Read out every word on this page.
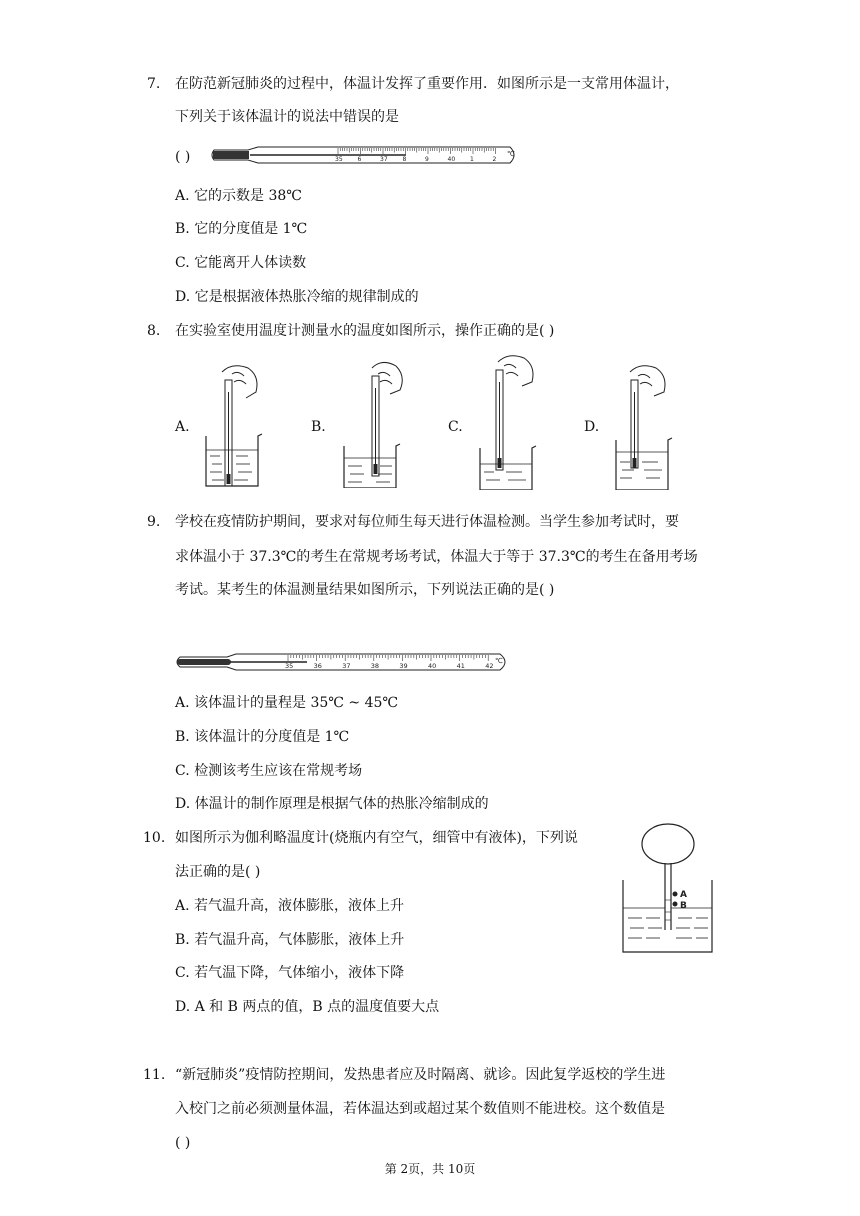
7. 在防范新冠肺炎的过程中，体温计发挥了重要作用．如图所示是一支常用体温计，
下列关于该体温计的说法中错误的是
( )	35 6	37 8	9	40 1	2
℃
A. 它的示数是 38℃
B. 它的分度值是 1℃
C. 它能离开人体读数
D. 它是根据液体热胀冷缩的规律制成的
8. 在实验室使用温度计测量水的温度如图所示，操作正确的是( )
A.	B.	C.	D.
9. 学校在疫情防护期间，要求对每位师生每天进行体温检测。当学生参加考试时，要
求体温小于 37.3℃的考生在常规考场考试，体温大于等于 37.3℃的考生在备用考场
考试。某考生的体温测量结果如图所示，下列说法正确的是( )
35	36	37	38	39	40	41	42
℃
A. 该体温计的量程是 35℃ ~ 45℃
B. 该体温计的分度值是 1℃
C. 检测该考生应该在常规考场
D. 体温计的制作原理是根据气体的热胀冷缩制成的
10. 如图所示为伽利略温度计(烧瓶内有空气，细管中有液体)，下列说
法正确的是( )
A. 若气温升高，液体膨胀，液体上升
B. 若气温升高，气体膨胀，液体上升
C. 若气温下降，气体缩小，液体下降
D. A 和 B 两点的值，B 点的温度值要大点
A
B
11. “新冠肺炎”疫情防控期间，发热患者应及时隔离、就诊。因此复学返校的学生进
入校门之前必须测量体温，若体温达到或超过某个数值则不能进校。这个数值是
( )
第 2页，共 10页
